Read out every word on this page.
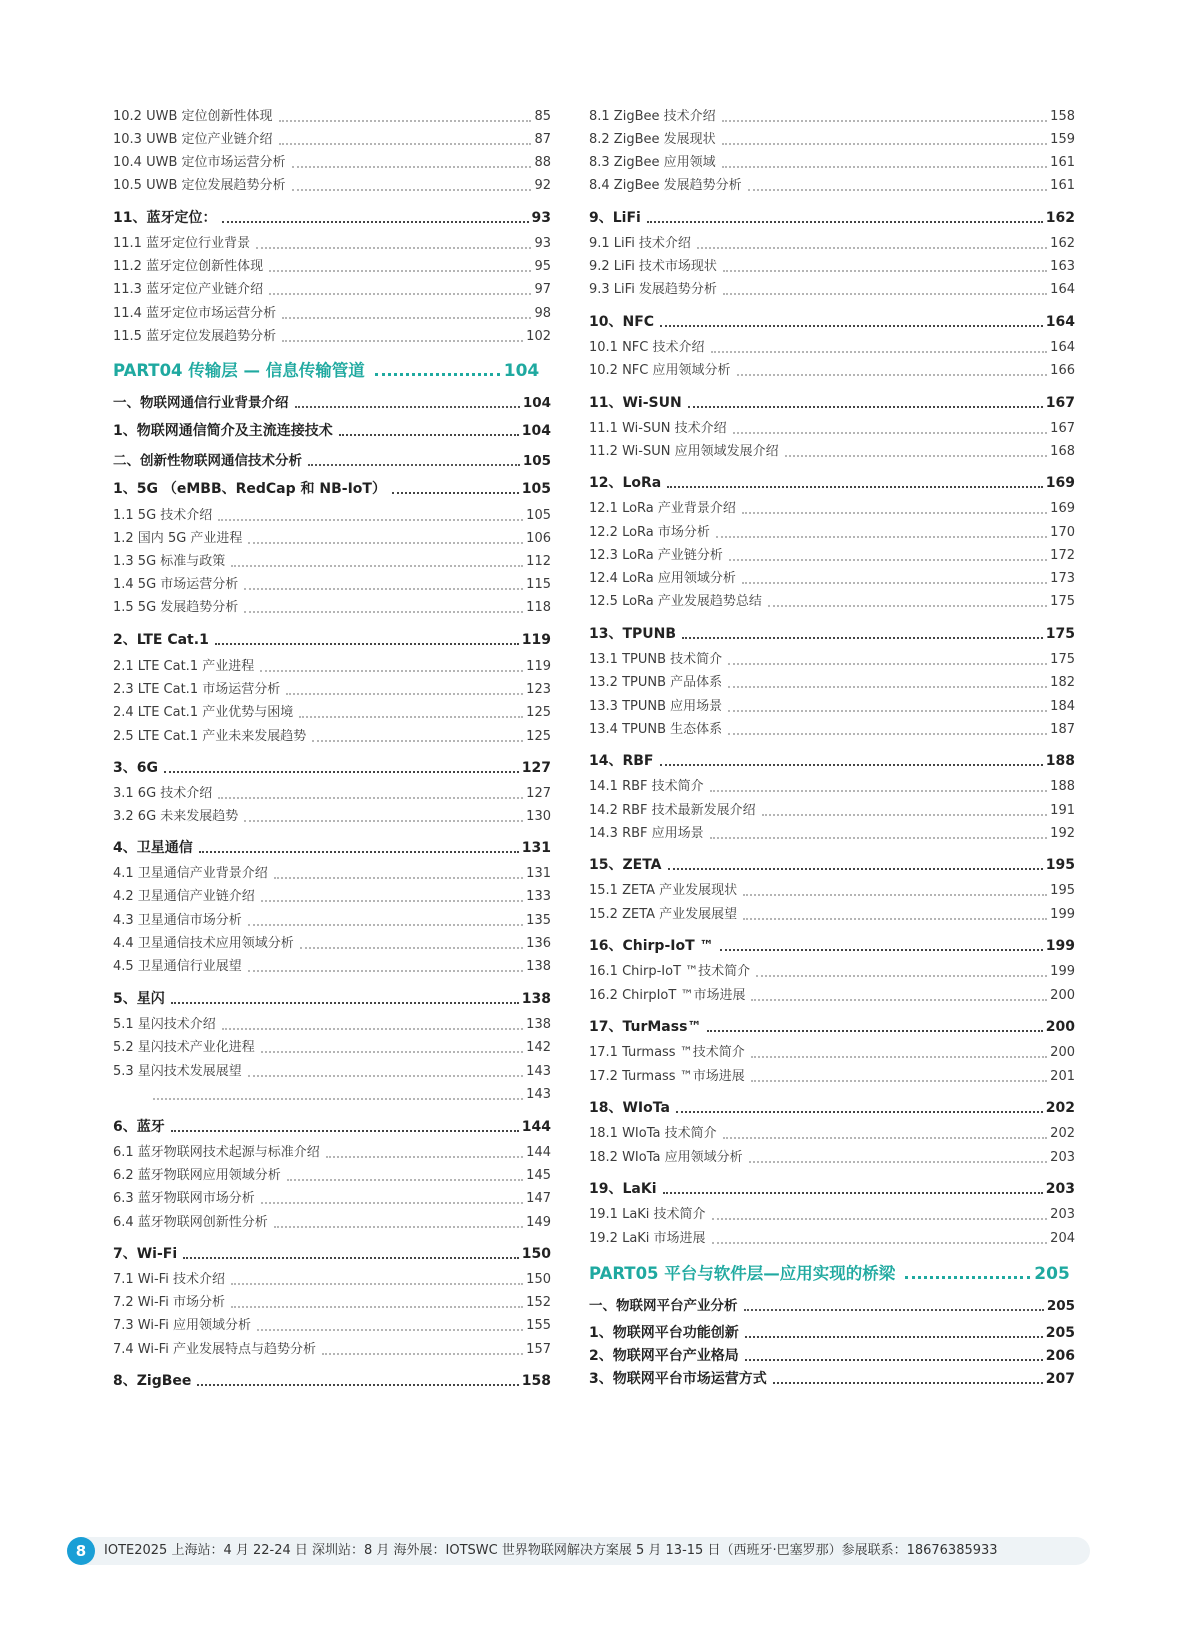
10.2 UWB 定位创新性体现	85
10.3 UWB 定位产业链介绍	87
10.4 UWB 定位市场运营分析	88
10.5 UWB 定位发展趋势分析	92
11、蓝牙定位：	93
11.1 蓝牙定位行业背景	93
11.2 蓝牙定位创新性体现	95
11.3 蓝牙定位产业链介绍	97
11.4 蓝牙定位市场运营分析	98
11.5 蓝牙定位发展趋势分析	102
PART04 传输层 — 信息传输管道	104
一、物联网通信行业背景介绍	104
1、物联网通信简介及主流连接技术	104
二、创新性物联网通信技术分析	105
1、5G （eMBB、RedCap 和 NB-IoT）	105
1.1 5G 技术介绍	105
1.2 国内 5G 产业进程	106
1.3 5G 标准与政策	112
1.4 5G 市场运营分析	115
1.5 5G 发展趋势分析	118
2、LTE Cat.1	119
2.1 LTE Cat.1 产业进程	119
2.3 LTE Cat.1 市场运营分析	123
2.4 LTE Cat.1 产业优势与困境	125
2.5 LTE Cat.1 产业未来发展趋势	125
3、6G	127
3.1 6G 技术介绍	127
3.2 6G 未来发展趋势	130
4、卫星通信	131
4.1 卫星通信产业背景介绍	131
4.2 卫星通信产业链介绍	133
4.3 卫星通信市场分析	135
4.4 卫星通信技术应用领域分析	136
4.5 卫星通信行业展望	138
5、星闪	138
5.1 星闪技术介绍	138
5.2 星闪技术产业化进程	142
5.3 星闪技术发展展望	143
143
6、蓝牙	144
6.1 蓝牙物联网技术起源与标准介绍	144
6.2 蓝牙物联网应用领域分析	145
6.3 蓝牙物联网市场分析	147
6.4 蓝牙物联网创新性分析	149
7、Wi-Fi	150
7.1 Wi-Fi 技术介绍	150
7.2 Wi-Fi 市场分析	152
7.3 Wi-Fi 应用领域分析	155
7.4 Wi-Fi 产业发展特点与趋势分析	157
8、ZigBee	158
8.1 ZigBee 技术介绍	158
8.2 ZigBee 发展现状	159
8.3 ZigBee 应用领域	161
8.4 ZigBee 发展趋势分析	161
9、LiFi	162
9.1 LiFi 技术介绍	162
9.2 LiFi 技术市场现状	163
9.3 LiFi 发展趋势分析	164
10、NFC	164
10.1 NFC 技术介绍	164
10.2 NFC 应用领域分析	166
11、Wi-SUN	167
11.1 Wi-SUN 技术介绍	167
11.2 Wi-SUN 应用领域发展介绍	168
12、LoRa	169
12.1 LoRa 产业背景介绍	169
12.2 LoRa 市场分析	170
12.3 LoRa 产业链分析	172
12.4 LoRa 应用领域分析	173
12.5 LoRa 产业发展趋势总结	175
13、TPUNB	175
13.1 TPUNB 技术简介	175
13.2 TPUNB 产品体系	182
13.3 TPUNB 应用场景	184
13.4 TPUNB 生态体系	187
14、RBF	188
14.1 RBF 技术简介	188
14.2 RBF 技术最新发展介绍	191
14.3 RBF 应用场景	192
15、ZETA	195
15.1 ZETA 产业发展现状	195
15.2 ZETA 产业发展展望	199
16、Chirp-IoT ™	199
16.1 Chirp-IoT ™技术简介	199
16.2 ChirpIoT ™市场进展	200
17、TurMass™	200
17.1 Turmass ™技术简介	200
17.2 Turmass ™市场进展	201
18、WIoTa	202
18.1 WIoTa 技术简介	202
18.2 WIoTa 应用领域分析	203
19、LaKi	203
19.1 LaKi 技术简介	203
19.2 LaKi 市场进展	204
PART05 平台与软件层—应用实现的桥梁	205
一、物联网平台产业分析	205
1、物联网平台功能创新	205
2、物联网平台产业格局	206
3、物联网平台市场运营方式	207
8	IOTE2025 上海站：4 月 22-24 日 深圳站：8 月 海外展：IOTSWC 世界物联网解决方案展 5 月 13-15 日（西班牙·巴塞罗那）参展联系：18676385933
